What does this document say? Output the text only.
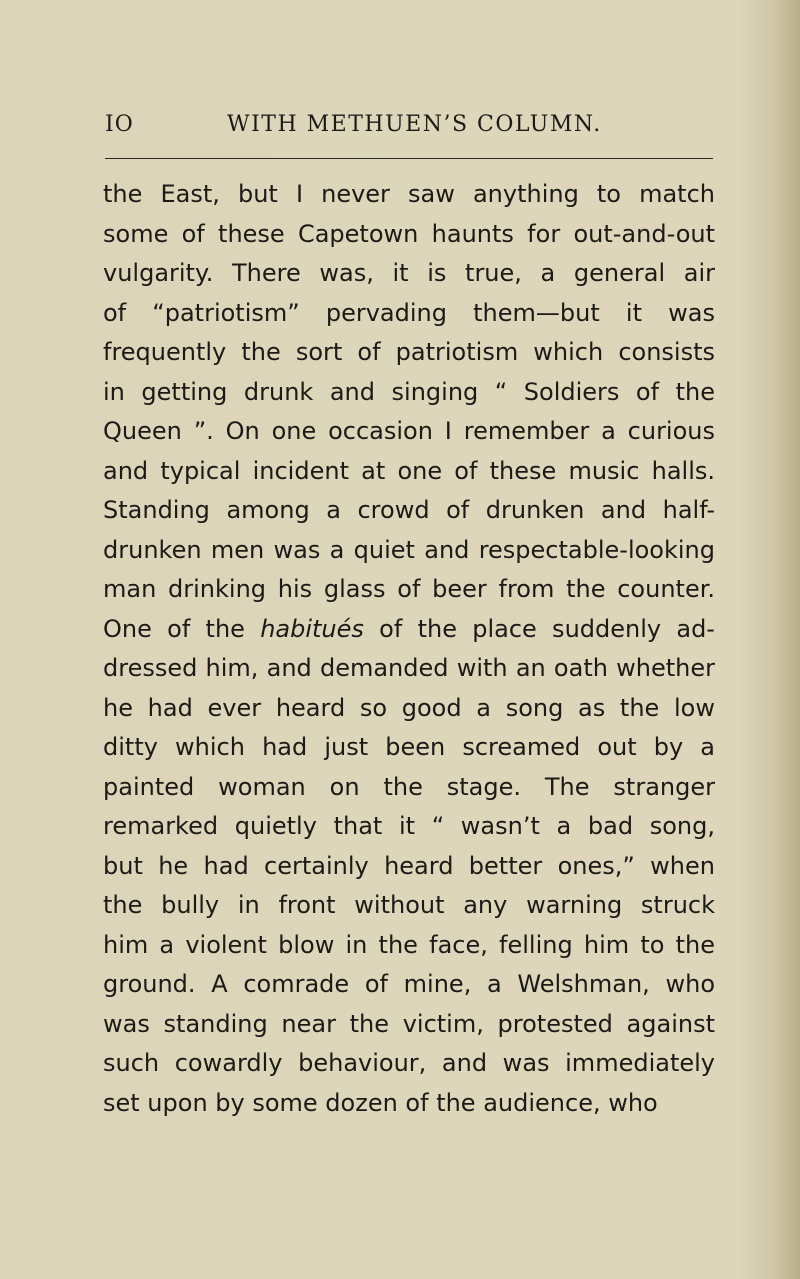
IO	WITH METHUEN’S COLUMN.
the East, but I never saw anything to match
some of these Capetown haunts for out-and-out
vulgarity. There was, it is true, a general air
of “patriotism” pervading them—but it was
frequently the sort of patriotism which consists
in getting drunk and singing “ Soldiers of the
Queen ”. On one occasion I remember a curious
and typical incident at one of these music halls.
Standing among a crowd of drunken and half-
drunken men was a quiet and respectable-looking
man drinking his glass of beer from the counter.
One of the habitués of the place suddenly ad-
dressed him, and demanded with an oath whether
he had ever heard so good a song as the low
ditty which had just been screamed out by a
painted woman on the stage. The stranger
remarked quietly that it “ wasn’t a bad song,
but he had certainly heard better ones,” when
the bully in front without any warning struck
him a violent blow in the face, felling him to the
ground. A comrade of mine, a Welshman, who
was standing near the victim, protested against
such cowardly behaviour, and was immediately
set upon by some dozen of the audience, who
